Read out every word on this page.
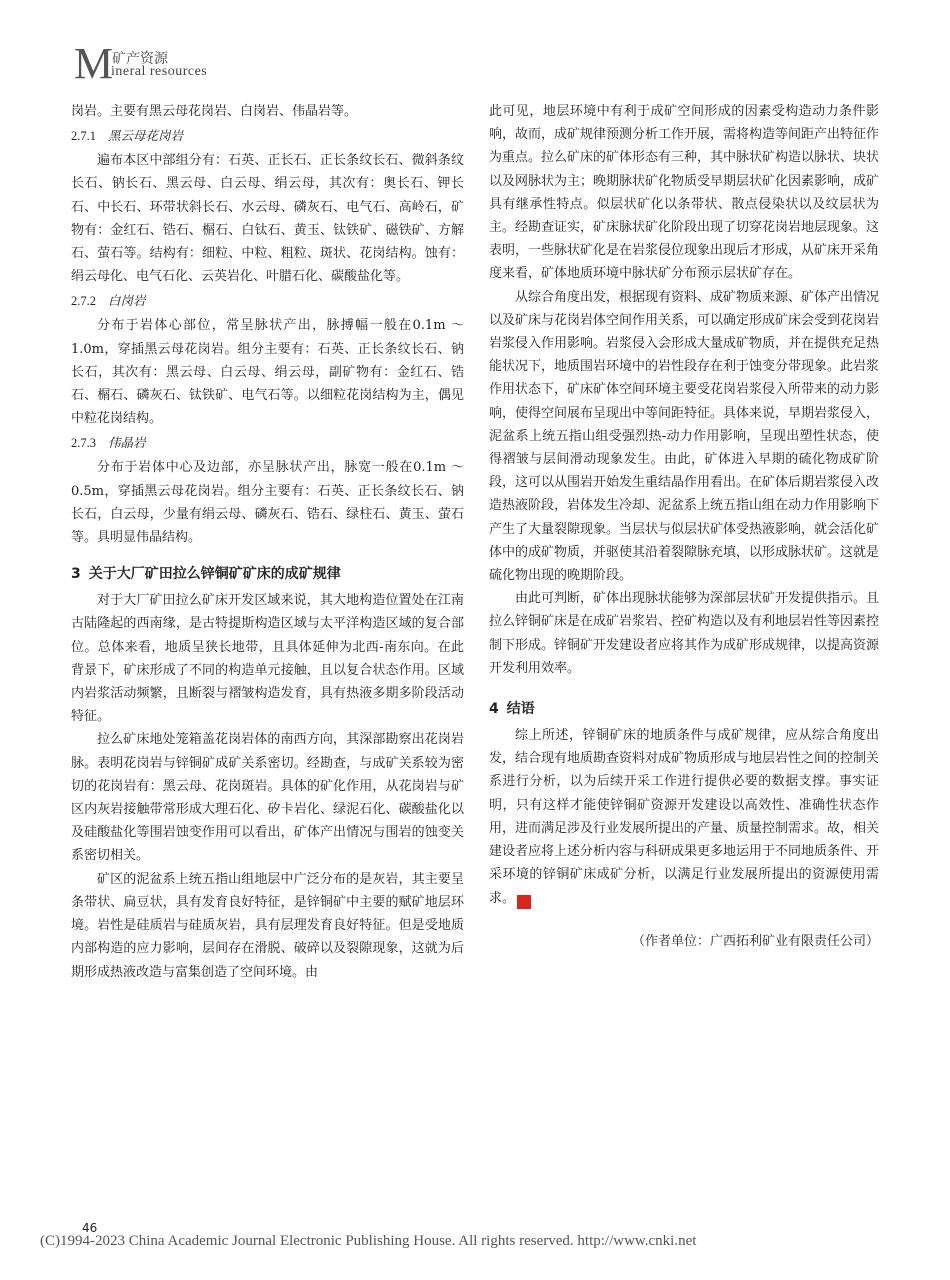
M
矿产资源
ineral resources

岗岩。主要有黑云母花岗岩、白岗岩、伟晶岩等。

2.7.1 黑云母花岗岩

遍布本区中部组分有：石英、正长石、正长条纹长石、微斜条纹长石、钠长石、黑云母、白云母、绢云母，其次有：奥长石、钾长石、中长石、环带状斜长石、水云母、磷灰石、电气石、高岭石，矿物有：金红石、锆石、榍石、白钛石、黄玉、钛铁矿、磁铁矿、方解石、萤石等。结构有：细粒、中粒、粗粒、斑状、花岗结构。蚀有：绢云母化、电气石化、云英岩化、叶腊石化、碳酸盐化等。

2.7.2 白岗岩

分布于岩体心部位，常呈脉状产出，脉搏幅一般在0.1m ～ 1.0m，穿插黑云母花岗岩。组分主要有：石英、正长条纹长石、钠长石，其次有：黑云母、白云母、绢云母，副矿物有：金红石、锆石、榍石、磷灰石、钛铁矿、电气石等。以细粒花岗结构为主，偶见中粒花岗结构。

2.7.3 伟晶岩

分布于岩体中心及边部，亦呈脉状产出，脉宽一般在0.1m ～ 0.5m，穿插黑云母花岗岩。组分主要有：石英、正长条纹长石、钠长石，白云母，少量有绢云母、磷灰石、锆石、绿柱石、黄玉、萤石等。具明显伟晶结构。

3 关于大厂矿田拉么锌铜矿矿床的成矿规律

对于大厂矿田拉么矿床开发区域来说，其大地构造位置处在江南古陆隆起的西南缘，是古特提斯构造区域与太平洋构造区域的复合部位。总体来看，地质呈狭长地带，且具体延伸为北西-南东向。在此背景下，矿床形成了不同的构造单元接触，且以复合状态作用。区域内岩浆活动频繁，且断裂与褶皱构造发育，具有热液多期多阶段活动特征。

拉么矿床地处笼箱盖花岗岩体的南西方向，其深部勘察出花岗岩脉。表明花岗岩与锌铜矿成矿关系密切。经勘查，与成矿关系较为密切的花岗岩有：黑云母、花岗斑岩。具体的矿化作用，从花岗岩与矿区内灰岩接触带常形成大理石化、矽卡岩化、绿泥石化、碳酸盐化以及硅酸盐化等围岩蚀变作用可以看出，矿体产出情况与围岩的蚀变关系密切相关。

矿区的泥盆系上统五指山组地层中广泛分布的是灰岩，其主要呈条带状、扁豆状，具有发育良好特征，是锌铜矿中主要的赋矿地层环境。岩性是硅质岩与硅质灰岩，具有层理发育良好特征。但是受地质内部构造的应力影响，层间存在滑脱、破碎以及裂隙现象，这就为后期形成热液改造与富集创造了空间环境。由

此可见，地层环境中有利于成矿空间形成的因素受构造动力条件影响，故而，成矿规律预测分析工作开展，需将构造等间距产出特征作为重点。拉么矿床的矿体形态有三种，其中脉状矿构造以脉状、块状以及网脉状为主；晚期脉状矿化物质受早期层状矿化因素影响，成矿具有继承性特点。似层状矿化以条带状、散点侵染状以及纹层状为主。经勘查证实，矿床脉状矿化阶段出现了切穿花岗岩地层现象。这表明，一些脉状矿化是在岩浆侵位现象出现后才形成，从矿床开采角度来看，矿体地质环境中脉状矿分布预示层状矿存在。

从综合角度出发，根据现有资料、成矿物质来源、矿体产出情况以及矿床与花岗岩体空间作用关系，可以确定形成矿床会受到花岗岩岩浆侵入作用影响。岩浆侵入会形成大量成矿物质，并在提供充足热能状况下，地质围岩环境中的岩性段存在利于蚀变分带现象。此岩浆作用状态下，矿床矿体空间环境主要受花岗岩浆侵入所带来的动力影响，使得空间展布呈现出中等间距特征。具体来说，早期岩浆侵入，泥盆系上统五指山组受强烈热-动力作用影响，呈现出塑性状态，使得褶皱与层间滑动现象发生。由此，矿体进入早期的硫化物成矿阶段，这可以从围岩开始发生重结晶作用看出。在矿体后期岩浆侵入改造热液阶段，岩体发生冷却、泥盆系上统五指山组在动力作用影响下产生了大量裂隙现象。当层状与似层状矿体受热液影响，就会活化矿体中的成矿物质，并驱使其沿着裂隙脉充填，以形成脉状矿。这就是硫化物出现的晚期阶段。

由此可判断，矿体出现脉状能够为深部层状矿开发提供指示。且拉么锌铜矿床是在成矿岩浆岩、控矿构造以及有利地层岩性等因素控制下形成。锌铜矿开发建设者应将其作为成矿形成规律，以提高资源开发利用效率。

4 结语

综上所述，锌铜矿床的地质条件与成矿规律，应从综合角度出发，结合现有地质勘查资料对成矿物质形成与地层岩性之间的控制关系进行分析，以为后续开采工作进行提供必要的数据支撑。事实证明，只有这样才能使锌铜矿资源开发建设以高效性、准确性状态作用，进而满足涉及行业发展所提出的产量、质量控制需求。故，相关建设者应将上述分析内容与科研成果更多地运用于不同地质条件、开采环境的锌铜矿床成矿分析，以满足行业发展所提出的资源使用需求。	通

（作者单位：广西拓利矿业有限责任公司）

46
(C)1994-2023 China Academic Journal Electronic Publishing House. All rights reserved. http://www.cnki.net
